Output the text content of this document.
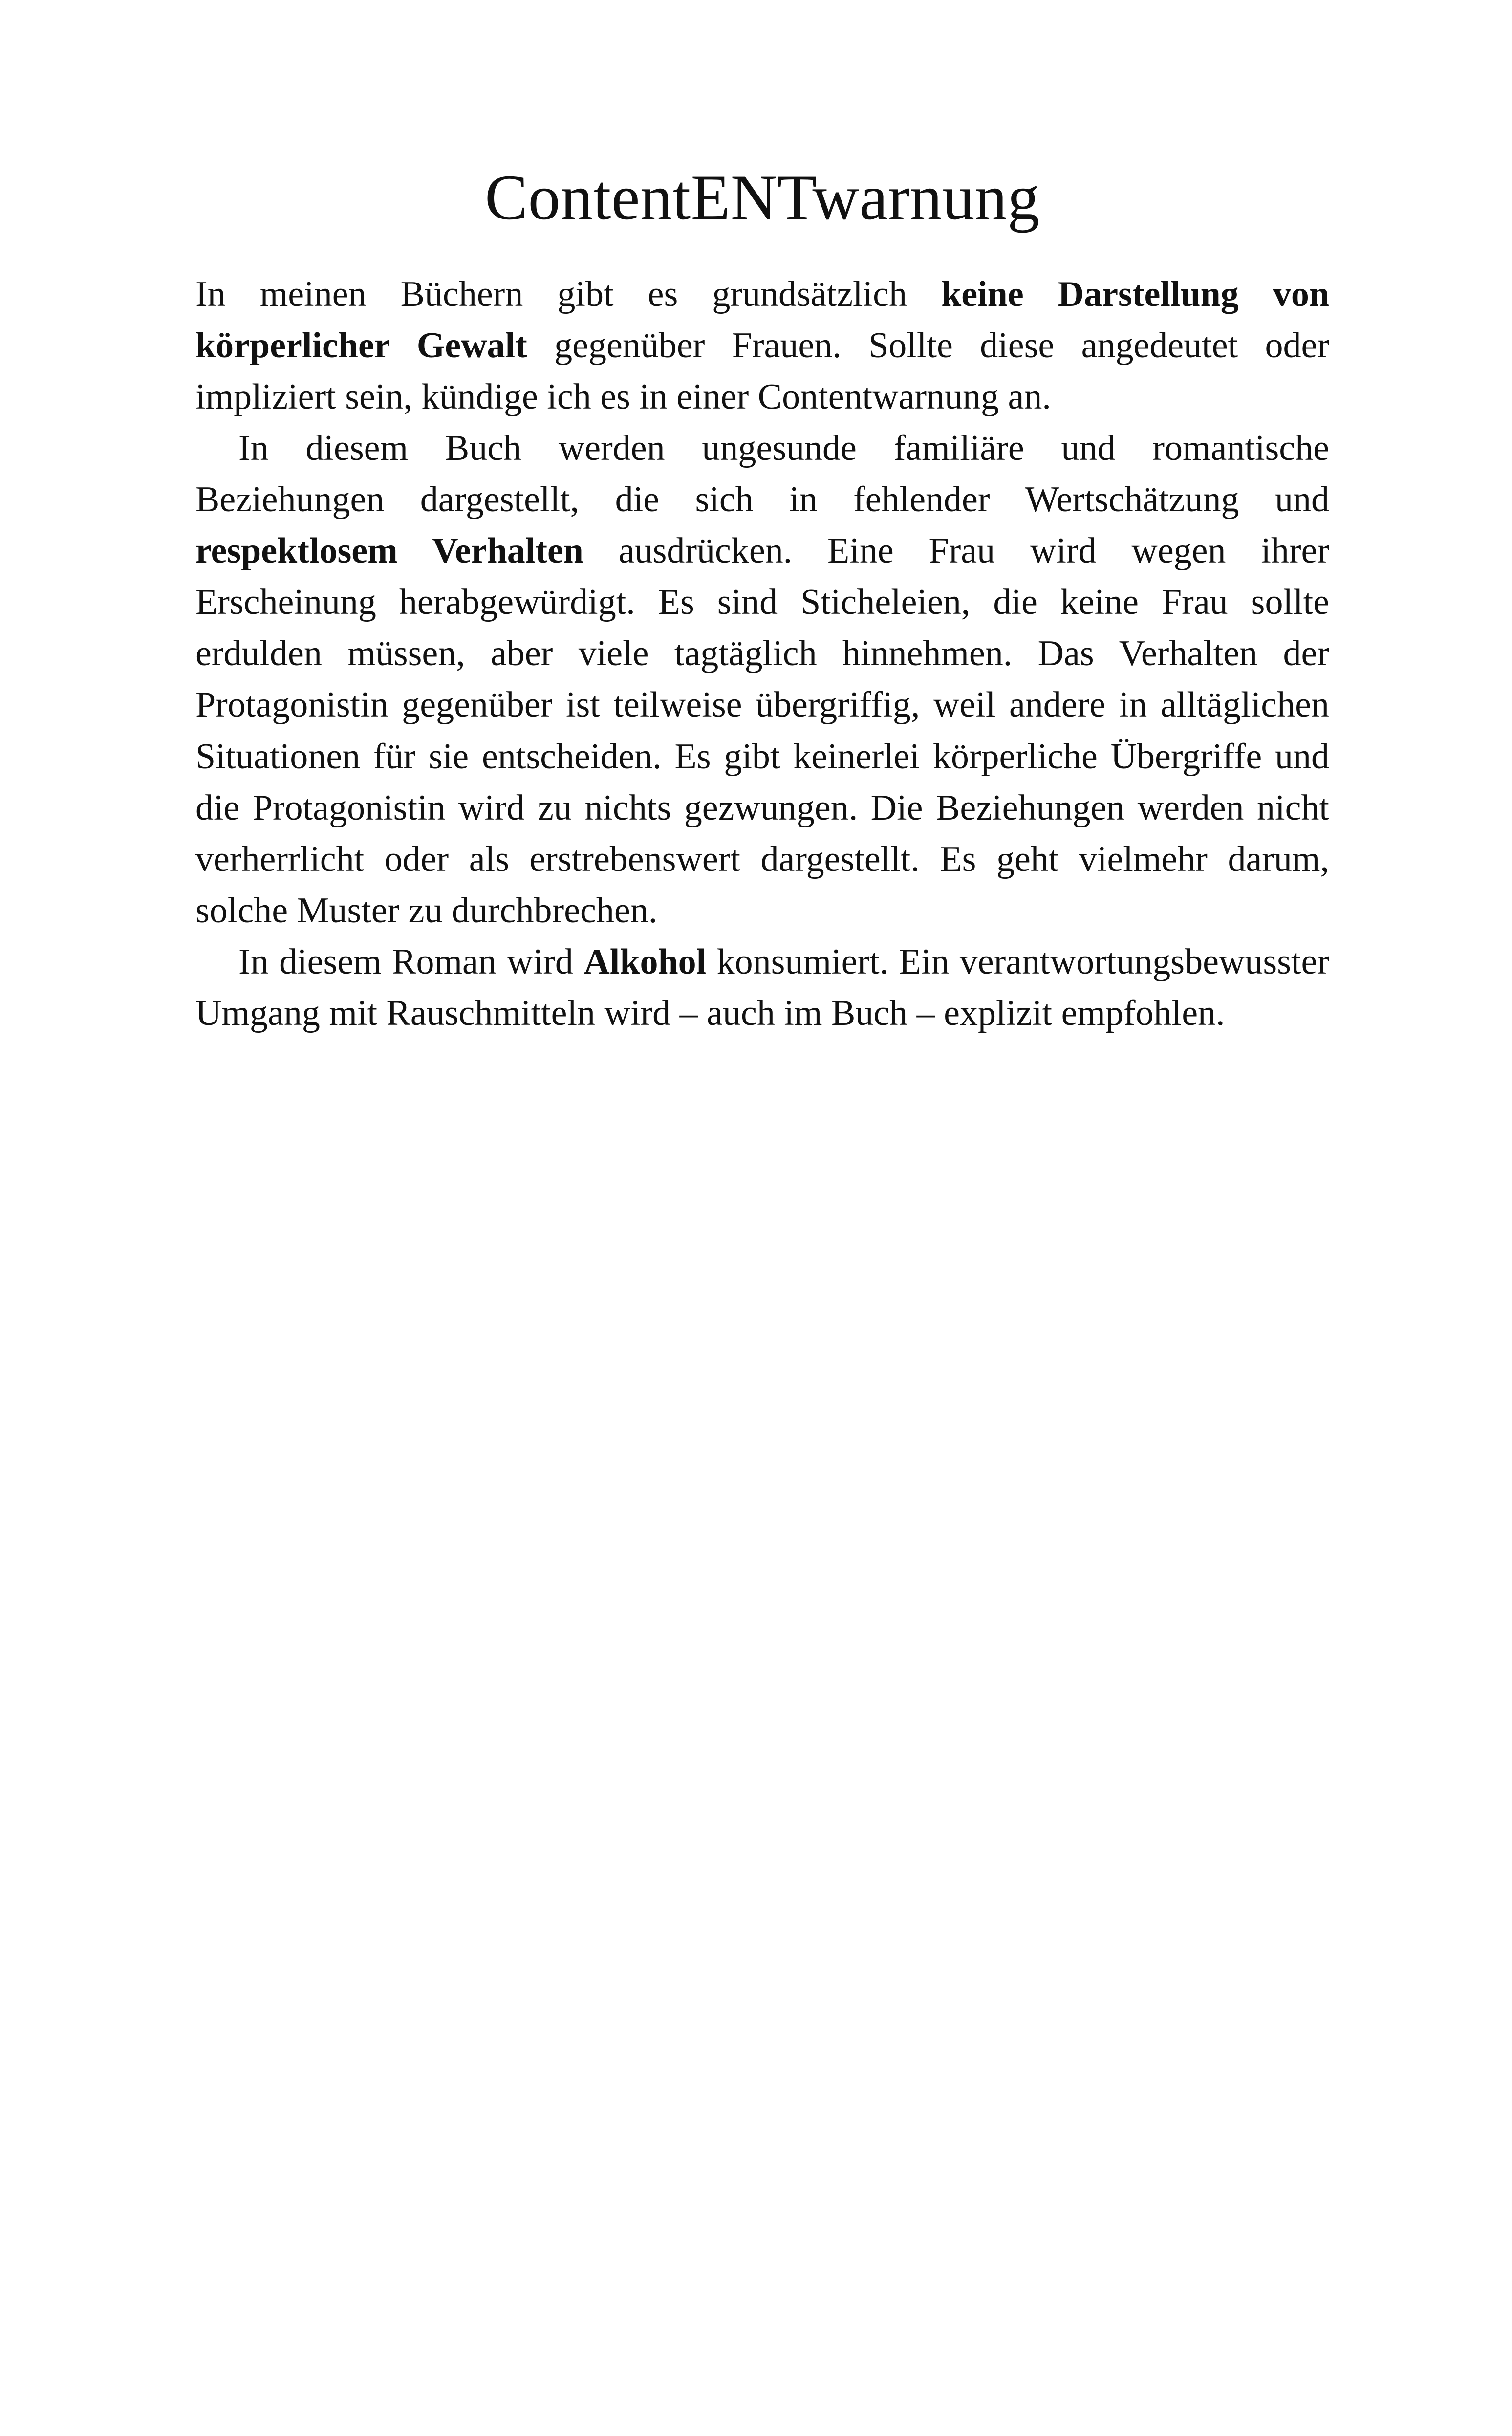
ContentENTwarnung

In meinen Büchern gibt es grundsätzlich keine Darstellung von körperlicher Gewalt gegenüber Frauen. Sollte diese angedeutet oder impliziert sein, kündige ich es in einer Contentwarnung an.

In diesem Buch werden ungesunde familiäre und romantische Beziehungen dargestellt, die sich in fehlender Wertschätzung und respektlosem Verhalten ausdrücken. Eine Frau wird wegen ihrer Erscheinung herabgewürdigt. Es sind Sticheleien, die keine Frau sollte erdulden müssen, aber viele tagtäglich hinnehmen. Das Verhalten der Protagonistin gegenüber ist teilweise übergriffig, weil andere in alltäglichen Situationen für sie entscheiden. Es gibt keinerlei körperliche Übergriffe und die Protagonistin wird zu nichts gezwungen. Die Beziehungen werden nicht verherrlicht oder als erstrebenswert dargestellt. Es geht vielmehr darum, solche Muster zu durchbrechen.

In diesem Roman wird Alkohol konsumiert. Ein verantwortungsbewusster Umgang mit Rauschmitteln wird – auch im Buch – explizit empfohlen.
